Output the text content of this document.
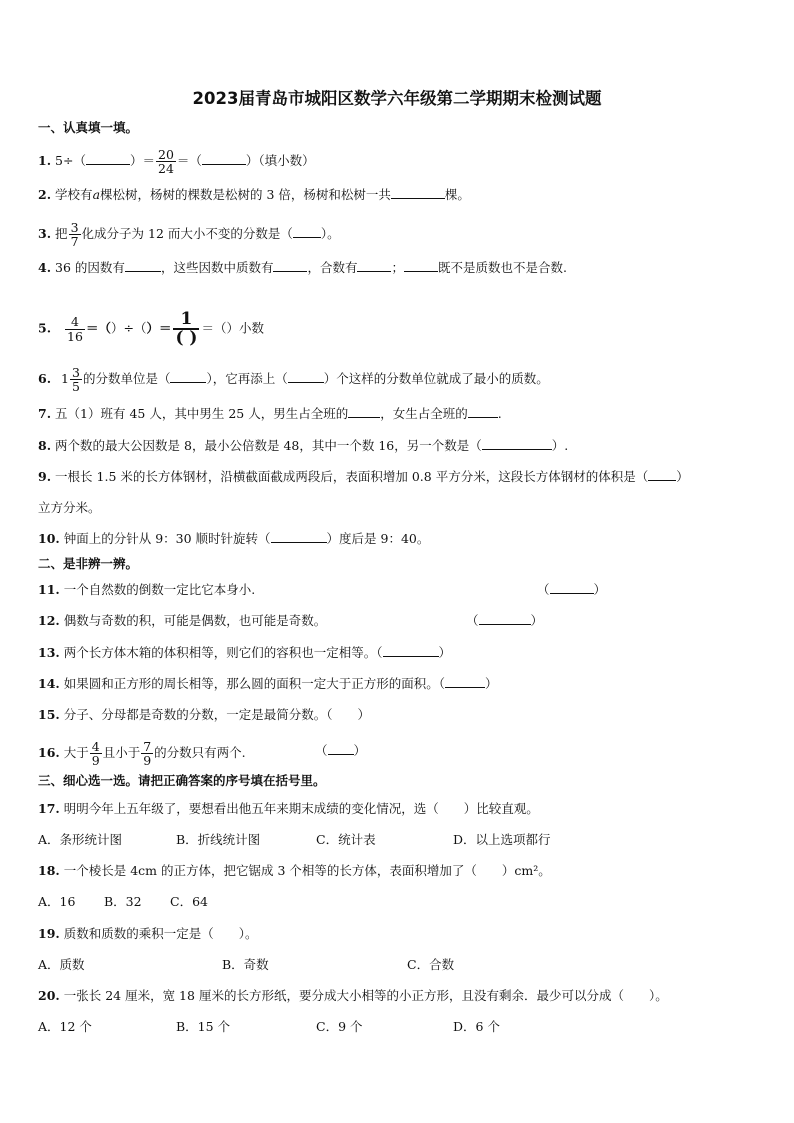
2023届青岛市城阳区数学六年级第二学期期末检测试题
一、认真填一填。
1. 5÷（	）＝ $\frac{20}{24}$ ＝（	）（填小数）
2. 学校有a棵松树，杨树的棵数是松树的 3 倍，杨树和松树一共	棵。
3. 把 $\frac{3}{7}$ 化成分子为 12 而大小不变的分数是（ ）。
4. 36 的因数有	，这些因数中质数有	，合数有	；	既不是质数也不是合数.
5. $\frac{4}{16}$ ＝（）÷（）＝ 1
( ) ＝（）小数
6. $1 \frac{3}{5}$ 的分数单位是（	），它再添上（	）个这样的分数单位就成了最小的质数。
7. 五（1）班有 45 人，其中男生 25 人，男生占全班的	，女生占全班的 .
8. 两个数的最大公因数是 8，最小公倍数是 48，其中一个数 16，另一个数是（	）.
9. 一根长 1.5 米的长方体钢材，沿横截面截成两段后，表面积增加 0.8 平方分米，这段长方体钢材的体积是（ ）
立方分米。
10. 钟面上的分针从 9：30 顺时针旋转（	）度后是 9：40。
二、是非辨一辨。
11. 一个自然数的倒数一定比它本身小.	（	）
12. 偶数与奇数的积，可能是偶数，也可能是奇数。	（	）
13. 两个长方体木箱的体积相等，则它们的容积也一定相等。（	）
14. 如果圆和正方形的周长相等，那么圆的面积一定大于正方形的面积。（	）
15. 分子、分母都是奇数的分数，一定是最简分数。（　　）
16. 大于 $\frac{4}{9}$ 且小于 $\frac{7}{9}$ 的分数只有两个.	（ ）
三、细心选一选。请把正确答案的序号填在括号里。
17. 明明今年上五年级了，要想看出他五年来期末成绩的变化情况，选（　　）比较直观。
A．条形统计图	B．折线统计图	C．统计表	D．以上选项都行
18. 一个棱长是 4cm 的正方体，把它锯成 3 个相等的长方体，表面积增加了（　　）cm²。
A．16 B．32 C．64
19. 质数和质数的乘积一定是（　　）。
A．质数	B．奇数	C．合数
20. 一张长 24 厘米，宽 18 厘米的长方形纸，要分成大小相等的小正方形，且没有剩余．最少可以分成（　　）。
A．12 个	B．15 个	C．9 个	D．6 个
